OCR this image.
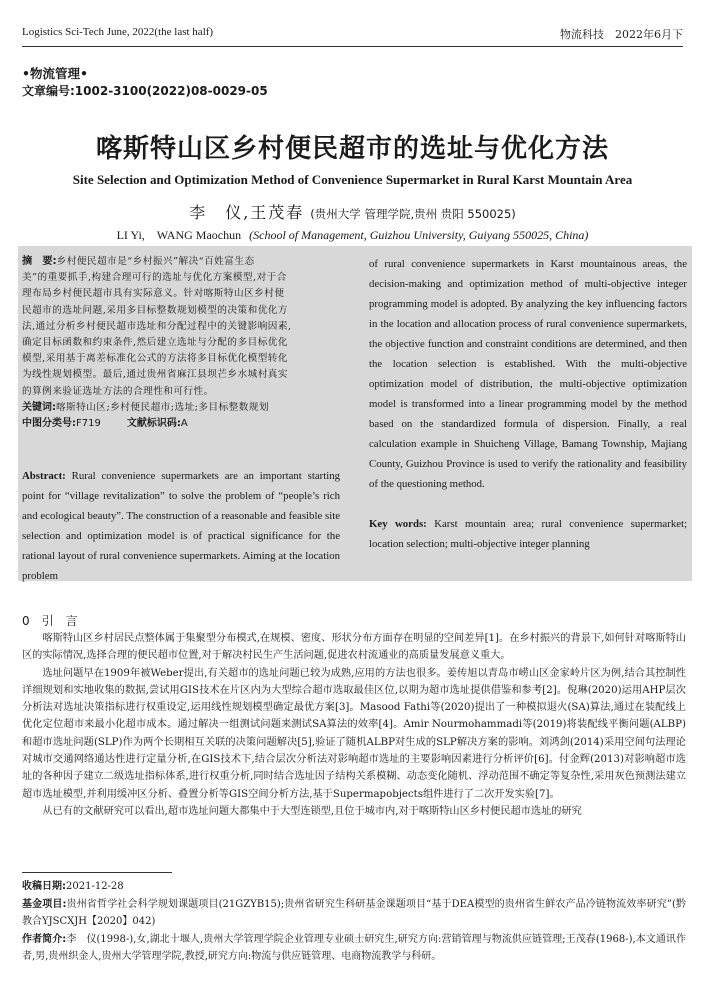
Logistics Sci-Tech June, 2022(the last half)	物流科技　2022年6月下
•物流管理•
文章编号:1002-3100(2022)08-0029-05
喀斯特山区乡村便民超市的选址与优化方法
Site Selection and Optimization Method of Convenience Supermarket in Rural Karst Mountain Area
李　仪,王茂春 (贵州大学 管理学院,贵州 贵阳 550025)
LI Yi,　WANG Maochun (School of Management, Guizhou University, Guiyang 550025, China)
摘　要:乡村便民超市是“乡村振兴”解决“百姓富生态
美”的重要抓手,构建合理可行的选址与优化方案模型,对于合
理布局乡村便民超市具有实际意义。针对喀斯特山区乡村便
民超市的选址问题,采用多目标整数规划模型的决策和优化方
法,通过分析乡村便民超市选址和分配过程中的关键影响因素,
确定目标函数和约束条件,然后建立选址与分配的多目标优化
模型,采用基于离差标准化公式的方法将多目标优化模型转化
为线性规划模型。最后,通过贵州省麻江县坝芒乡水城村真实
的算例来验证选址方法的合理性和可行性。
关键词:喀斯特山区;乡村便民超市;选址;多目标整数规划
中图分类号:F719	文献标识码:A
Abstract: Rural convenience supermarkets are an important starting point for “village revitalization” to solve the problem of “people’s rich and ecological beauty”. The construction of a reasonable and feasible site selection and optimization model is of practical significance for the rational layout of rural convenience supermarkets. Aiming at the location problem
of rural convenience supermarkets in Karst mountainous areas, the decision-making and optimization method of multi-objective integer programming model is adopted. By analyzing the key influencing factors in the location and allocation process of rural convenience supermarkets, the objective function and constraint conditions are determined, and then the location selection is established. With the multi-objective optimization model of distribution, the multi-objective optimization model is transformed into a linear programming model by the method based on the standardized formula of dispersion. Finally, a real calculation example in Shuicheng Village, Bamang Township, Majiang County, Guizhou Province is used to verify the rationality and feasibility of the questioning method.
Key words: Karst mountain area; rural convenience supermarket; location selection; multi-objective integer planning
0　引　言

喀斯特山区乡村居民点整体属于集聚型分布模式,在规模、密度、形状分布方面存在明显的空间差异[1]。在乡村振兴的背景下,如何针对喀斯特山区的实际情况,选择合理的便民超市位置,对于解决村民生产生活问题,促进农村流通业的高质量发展意义重大。

选址问题早在1909年被Weber提出,有关超市的选址问题已较为成熟,应用的方法也很多。姜传旭以青岛市崂山区金家岭片区为例,结合其控制性详细规划和实地收集的数据,尝试用GIS技术在片区内为大型综合超市选取最佳区位,以期为超市选址提供借鉴和参考[2]。倪琳(2020)运用AHP层次分析法对选址决策指标进行权重设定,运用线性规划模型确定最优方案[3]。Masood Fathi等(2020)提出了一种模拟退火(SA)算法,通过在装配线上优化定位超市来最小化超市成本。通过解决一组测试问题来测试SA算法的效率[4]。Amir Nourmohammadi等(2019)将装配线平衡问题(ALBP)和超市选址问题(SLP)作为两个长期相互关联的决策问题解决[5],验证了随机ALBP对生成的SLP解决方案的影响。刘鸿剑(2014)采用空间句法理论对城市交通网络通达性进行定量分析,在GIS技术下,结合层次分析法对影响超市选址的主要影响因素进行分析评价[6]。付金辉(2013)对影响超市选址的各种因子建立二级选址指标体系,进行权重分析,同时结合选址因子结构关系模糊、动态变化随机、浮动范围不确定等复杂性,采用灰色预测法建立超市选址模型,并利用缓冲区分析、叠置分析等GIS空间分析方法,基于Supermapobjects组件进行了二次开发实验[7]。

从已有的文献研究可以看出,超市选址问题大都集中于大型连锁型,且位于城市内,对于喀斯特山区乡村便民超市选址的研究

收稿日期:2021-12-28
基金项目:贵州省哲学社会科学规划课题项目(21GZYB15);贵州省研究生科研基金课题项目“基于DEA模型的贵州省生鲜农产品冷链物流效率研究”(黔教合YJSCXJH【2020】042)
作者简介:李　仪(1998-),女,湖北十堰人,贵州大学管理学院企业管理专业硕士研究生,研究方向:营销管理与物流供应链管理;王茂春(1968-),本文通讯作者,男,贵州织金人,贵州大学管理学院,教授,研究方向:物流与供应链管理、电商物流教学与科研。
